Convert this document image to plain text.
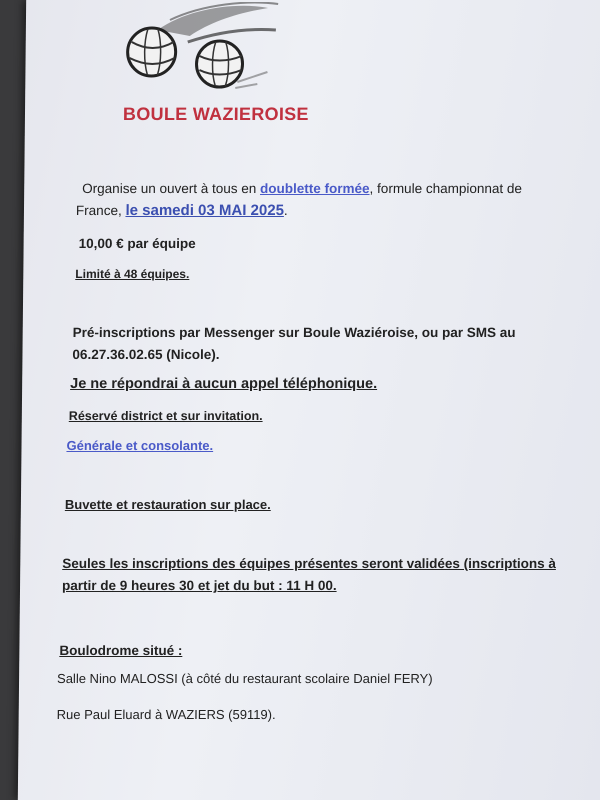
BOULE WAZIEROISE
Organise un ouvert à tous en doublette formée, formule championnat de
France, le samedi 03 MAI 2025.
10,00 € par équipe
Limité à 48 équipes.
Pré-inscriptions par Messenger sur Boule Waziéroise, ou par SMS au
06.27.36.02.65 (Nicole).
Je ne répondrai à aucun appel téléphonique.
Réservé district et sur invitation.
Générale et consolante.
Buvette et restauration sur place.
Seules les inscriptions des équipes présentes seront validées (inscriptions à
partir de 9 heures 30 et jet du but : 11 H 00.
Boulodrome situé :
Salle Nino MALOSSI (à côté du restaurant scolaire Daniel FERY)
Rue Paul Eluard à WAZIERS (59119).
